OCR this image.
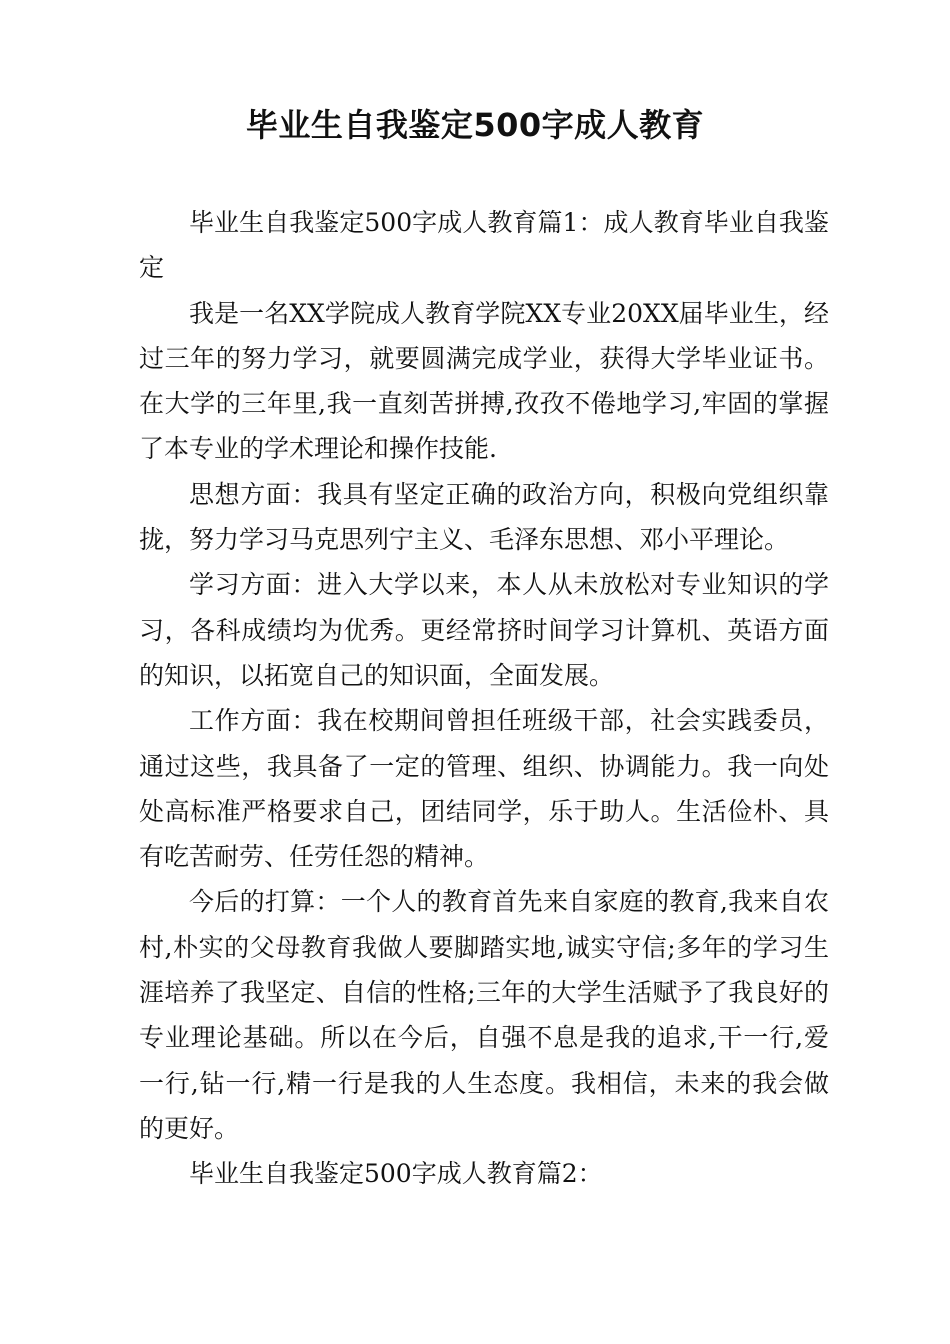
毕业生自我鉴定500字成人教育

毕业生自我鉴定500字成人教育篇1：成人教育毕业自我鉴定

我是一名XX学院成人教育学院XX专业20XX届毕业生，经过三年的努力学习，就要圆满完成学业，获得大学毕业证书。在大学的三年里,我一直刻苦拼搏,孜孜不倦地学习,牢固的掌握了本专业的学术理论和操作技能.

思想方面：我具有坚定正确的政治方向，积极向党组织靠拢，努力学习马克思列宁主义、毛泽东思想、邓小平理论。

学习方面：进入大学以来，本人从未放松对专业知识的学习，各科成绩均为优秀。更经常挤时间学习计算机、英语方面的知识，以拓宽自己的知识面，全面发展。

工作方面：我在校期间曾担任班级干部，社会实践委员，通过这些，我具备了一定的管理、组织、协调能力。我一向处处高标准严格要求自己，团结同学，乐于助人。生活俭朴、具有吃苦耐劳、任劳任怨的精神。

今后的打算：一个人的教育首先来自家庭的教育,我来自农村,朴实的父母教育我做人要脚踏实地,诚实守信;多年的学习生涯培养了我坚定、自信的性格;三年的大学生活赋予了我良好的专业理论基础。所以在今后，自强不息是我的追求,干一行,爱一行,钻一行,精一行是我的人生态度。我相信，未来的我会做的更好。

毕业生自我鉴定500字成人教育篇2：
